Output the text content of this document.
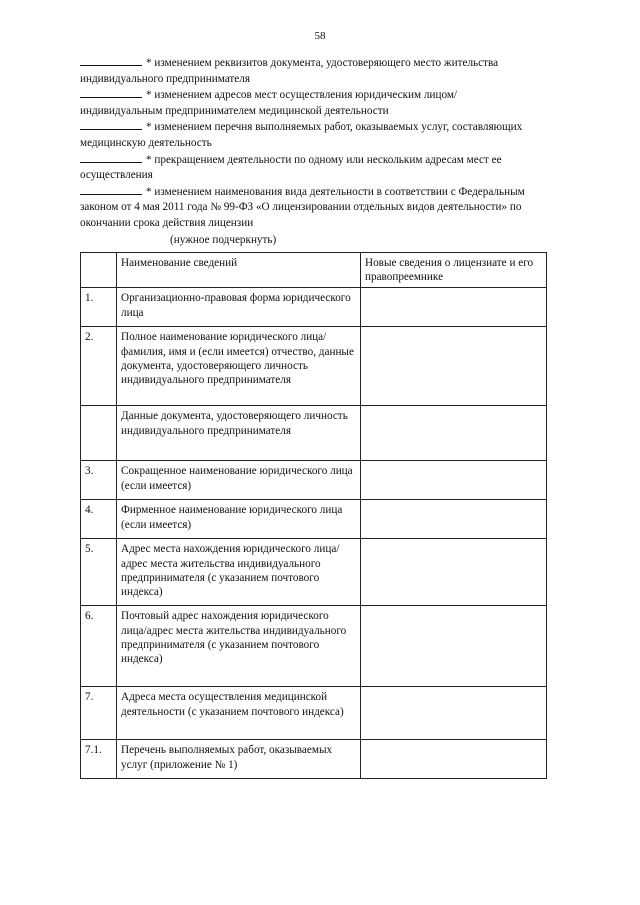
58

* изменением реквизитов документа, удостоверяющего место жительства индивидуального предпринимателя

* изменением адресов мест осуществления юридическим лицом/ индивидуальным предпринимателем медицинской деятельности

* изменением перечня выполняемых работ, оказываемых услуг, составляющих медицинскую деятельность

* прекращением деятельности по одному или нескольким адресам мест ее осуществления

* изменением наименования вида деятельности в соответствии с Федеральным законом от 4 мая 2011 года № 99-ФЗ «О лицензировании отдельных видов деятельности» по окончании срока действия лицензии

(нужное подчеркнуть)

	Наименование сведений	Новые сведения о лицензиате и его правопреемнике
1.	Организационно-правовая форма юридического лица	
2.	Полное наименование юридического лица/фамилия, имя и (если имеется) отчество, данные документа, удостоверяющего личность индивидуального предпринимателя	
	Данные документа, удостоверяющего личность индивидуального предпринимателя	
3.	Сокращенное наименование юридического лица (если имеется)	
4.	Фирменное наименование юридического лица (если имеется)	
5.	Адрес места нахождения юридического лица/адрес места жительства индивидуального предпринимателя (с указанием почтового индекса)	
6.	Почтовый адрес нахождения юридического лица/адрес места жительства индивидуального предпринимателя (с указанием почтового индекса)	
7.	Адреса места осуществления медицинской деятельности (с указанием почтового индекса)	
7.1.	Перечень выполняемых работ, оказываемых услуг (приложение № 1)	
